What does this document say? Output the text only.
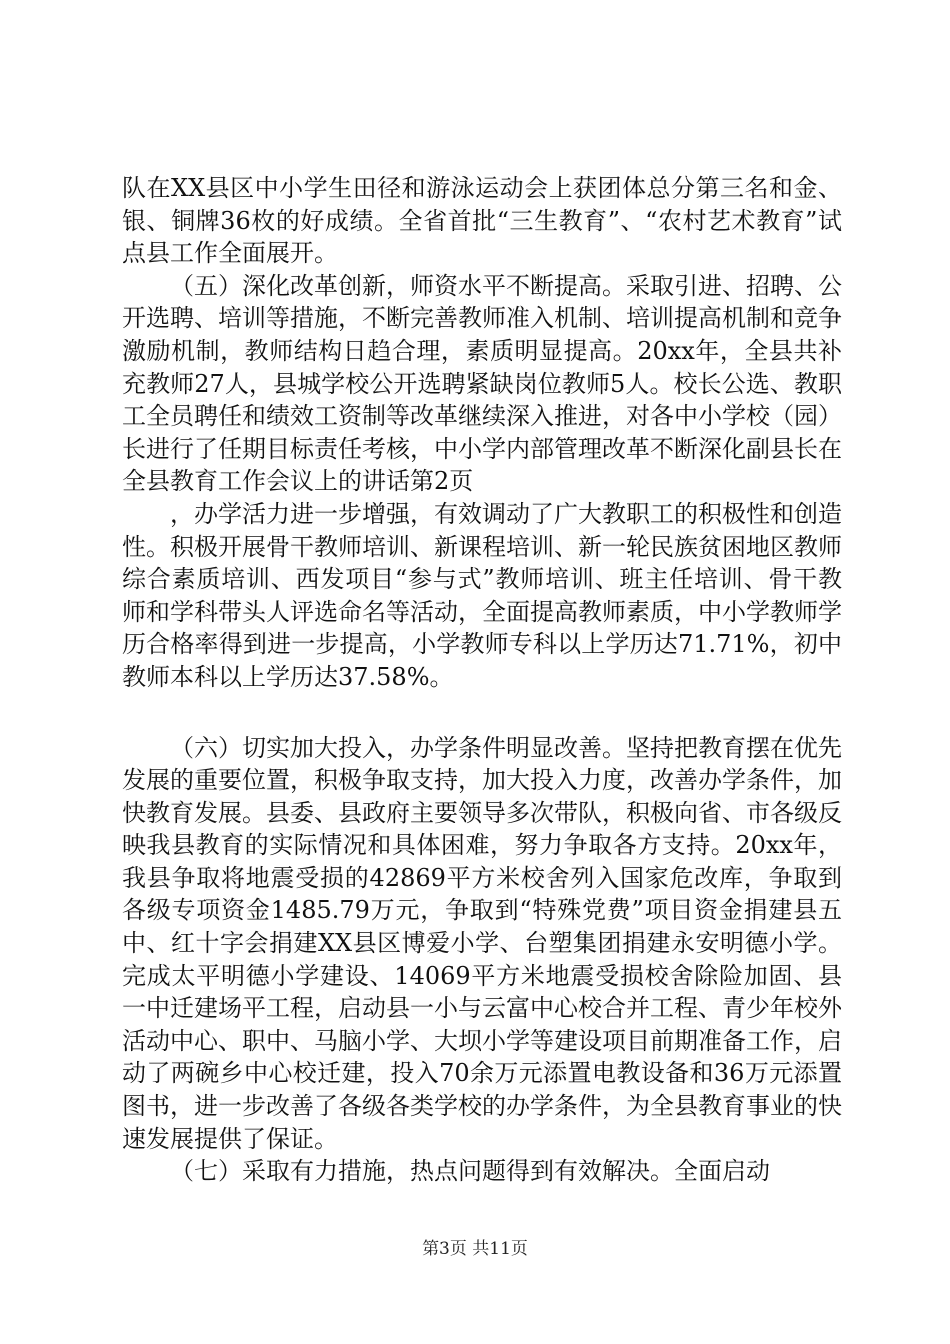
队在XX县区中小学生田径和游泳运动会上获团体总分第三名和金、银、铜牌36枚的好成绩。全省首批“三生教育”、“农村艺术教育”试点县工作全面展开。

（五）深化改革创新，师资水平不断提高。采取引进、招聘、公开选聘、培训等措施，不断完善教师准入机制、培训提高机制和竞争激励机制，教师结构日趋合理，素质明显提高。20xx年，全县共补充教师27人，县城学校公开选聘紧缺岗位教师5人。校长公选、教职工全员聘任和绩效工资制等改革继续深入推进，对各中小学校（园）长进行了任期目标责任考核，中小学内部管理改革不断深化副县长在全县教育工作会议上的讲话第2页

，办学活力进一步增强，有效调动了广大教职工的积极性和创造性。积极开展骨干教师培训、新课程培训、新一轮民族贫困地区教师综合素质培训、西发项目“参与式”教师培训、班主任培训、骨干教师和学科带头人评选命名等活动，全面提高教师素质，中小学教师学历合格率得到进一步提高，小学教师专科以上学历达71.71%，初中教师本科以上学历达37.58%。

（六）切实加大投入，办学条件明显改善。坚持把教育摆在优先发展的重要位置，积极争取支持，加大投入力度，改善办学条件，加快教育发展。县委、县政府主要领导多次带队，积极向省、市各级反映我县教育的实际情况和具体困难，努力争取各方支持。20xx年，我县争取将地震受损的42869平方米校舍列入国家危改库，争取到各级专项资金1485.79万元，争取到“特殊党费”项目资金捐建县五中、红十字会捐建XX县区博爱小学、台塑集团捐建永安明德小学。完成太平明德小学建设、14069平方米地震受损校舍除险加固、县一中迁建场平工程，启动县一小与云富中心校合并工程、青少年校外活动中心、职中、马脑小学、大坝小学等建设项目前期准备工作，启动了两碗乡中心校迁建，投入70余万元添置电教设备和36万元添置图书，进一步改善了各级各类学校的办学条件，为全县教育事业的快速发展提供了保证。

（七）采取有力措施，热点问题得到有效解决。全面启动

第3页 共11页
